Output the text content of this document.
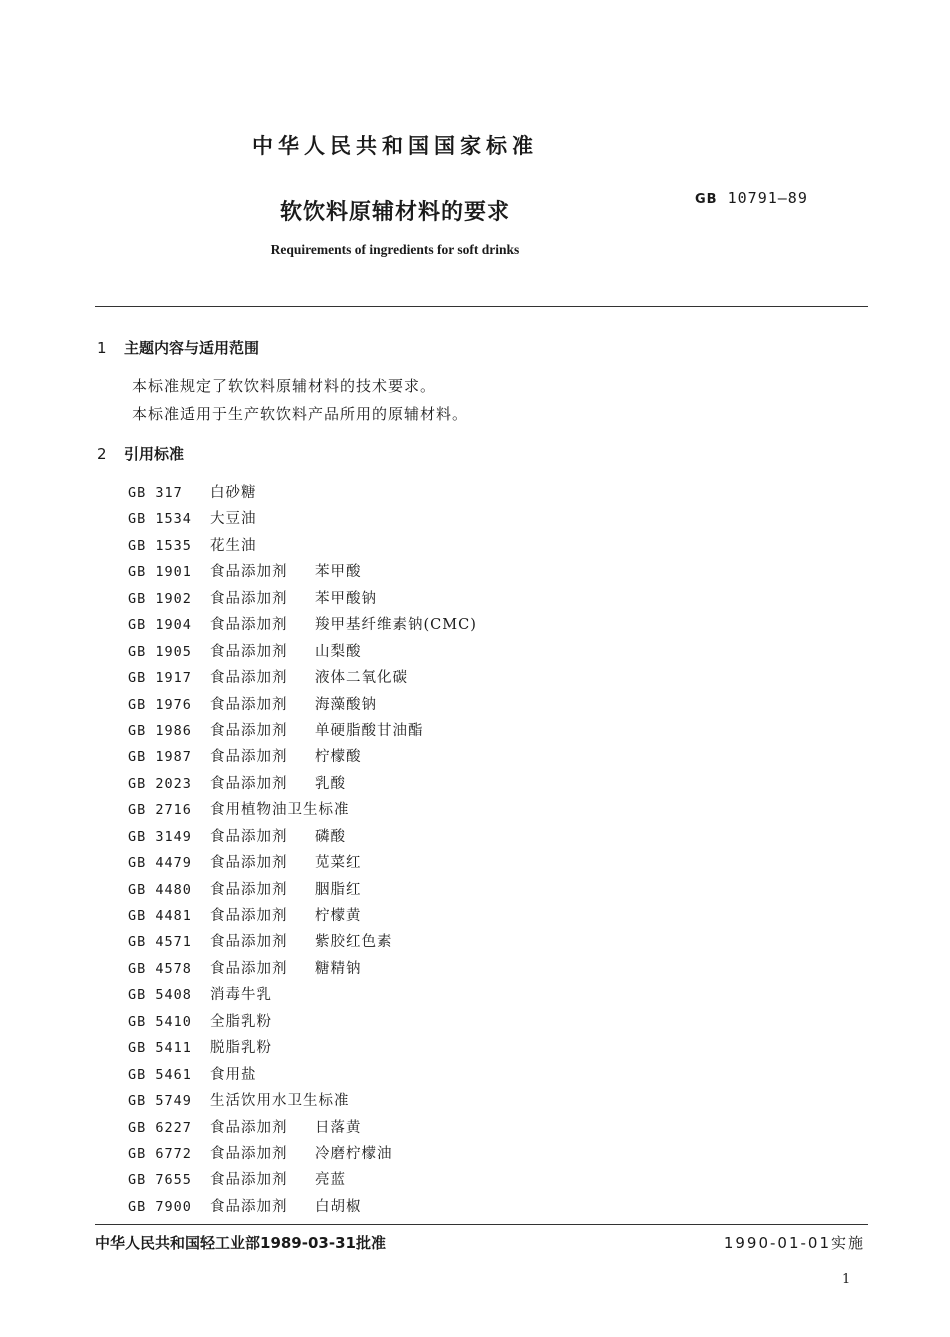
中华人民共和国国家标准
软饮料原辅材料的要求
GB 10791—89
Requirements of ingredients for soft drinks
1 主题内容与适用范围
本标准规定了软饮料原辅材料的技术要求。
本标准适用于生产软饮料产品所用的原辅材料。
2 引用标准
GB 317	白砂糖
GB 1534	大豆油
GB 1535	花生油
GB 1901	食品添加剂	苯甲酸
GB 1902	食品添加剂	苯甲酸钠
GB 1904	食品添加剂	羧甲基纤维素钠(CMC)
GB 1905	食品添加剂	山梨酸
GB 1917	食品添加剂	液体二氧化碳
GB 1976	食品添加剂	海藻酸钠
GB 1986	食品添加剂	单硬脂酸甘油酯
GB 1987	食品添加剂	柠檬酸
GB 2023	食品添加剂	乳酸
GB 2716	食用植物油卫生标准
GB 3149	食品添加剂	磷酸
GB 4479	食品添加剂	苋菜红
GB 4480	食品添加剂	胭脂红
GB 4481	食品添加剂	柠檬黄
GB 4571	食品添加剂	紫胶红色素
GB 4578	食品添加剂	糖精钠
GB 5408	消毒牛乳
GB 5410	全脂乳粉
GB 5411	脱脂乳粉
GB 5461	食用盐
GB 5749	生活饮用水卫生标准
GB 6227	食品添加剂	日落黄
GB 6772	食品添加剂	冷磨柠檬油
GB 7655	食品添加剂	亮蓝
GB 7900	食品添加剂	白胡椒
中华人民共和国轻工业部1989-03-31批准	1990-01-01实施
1
